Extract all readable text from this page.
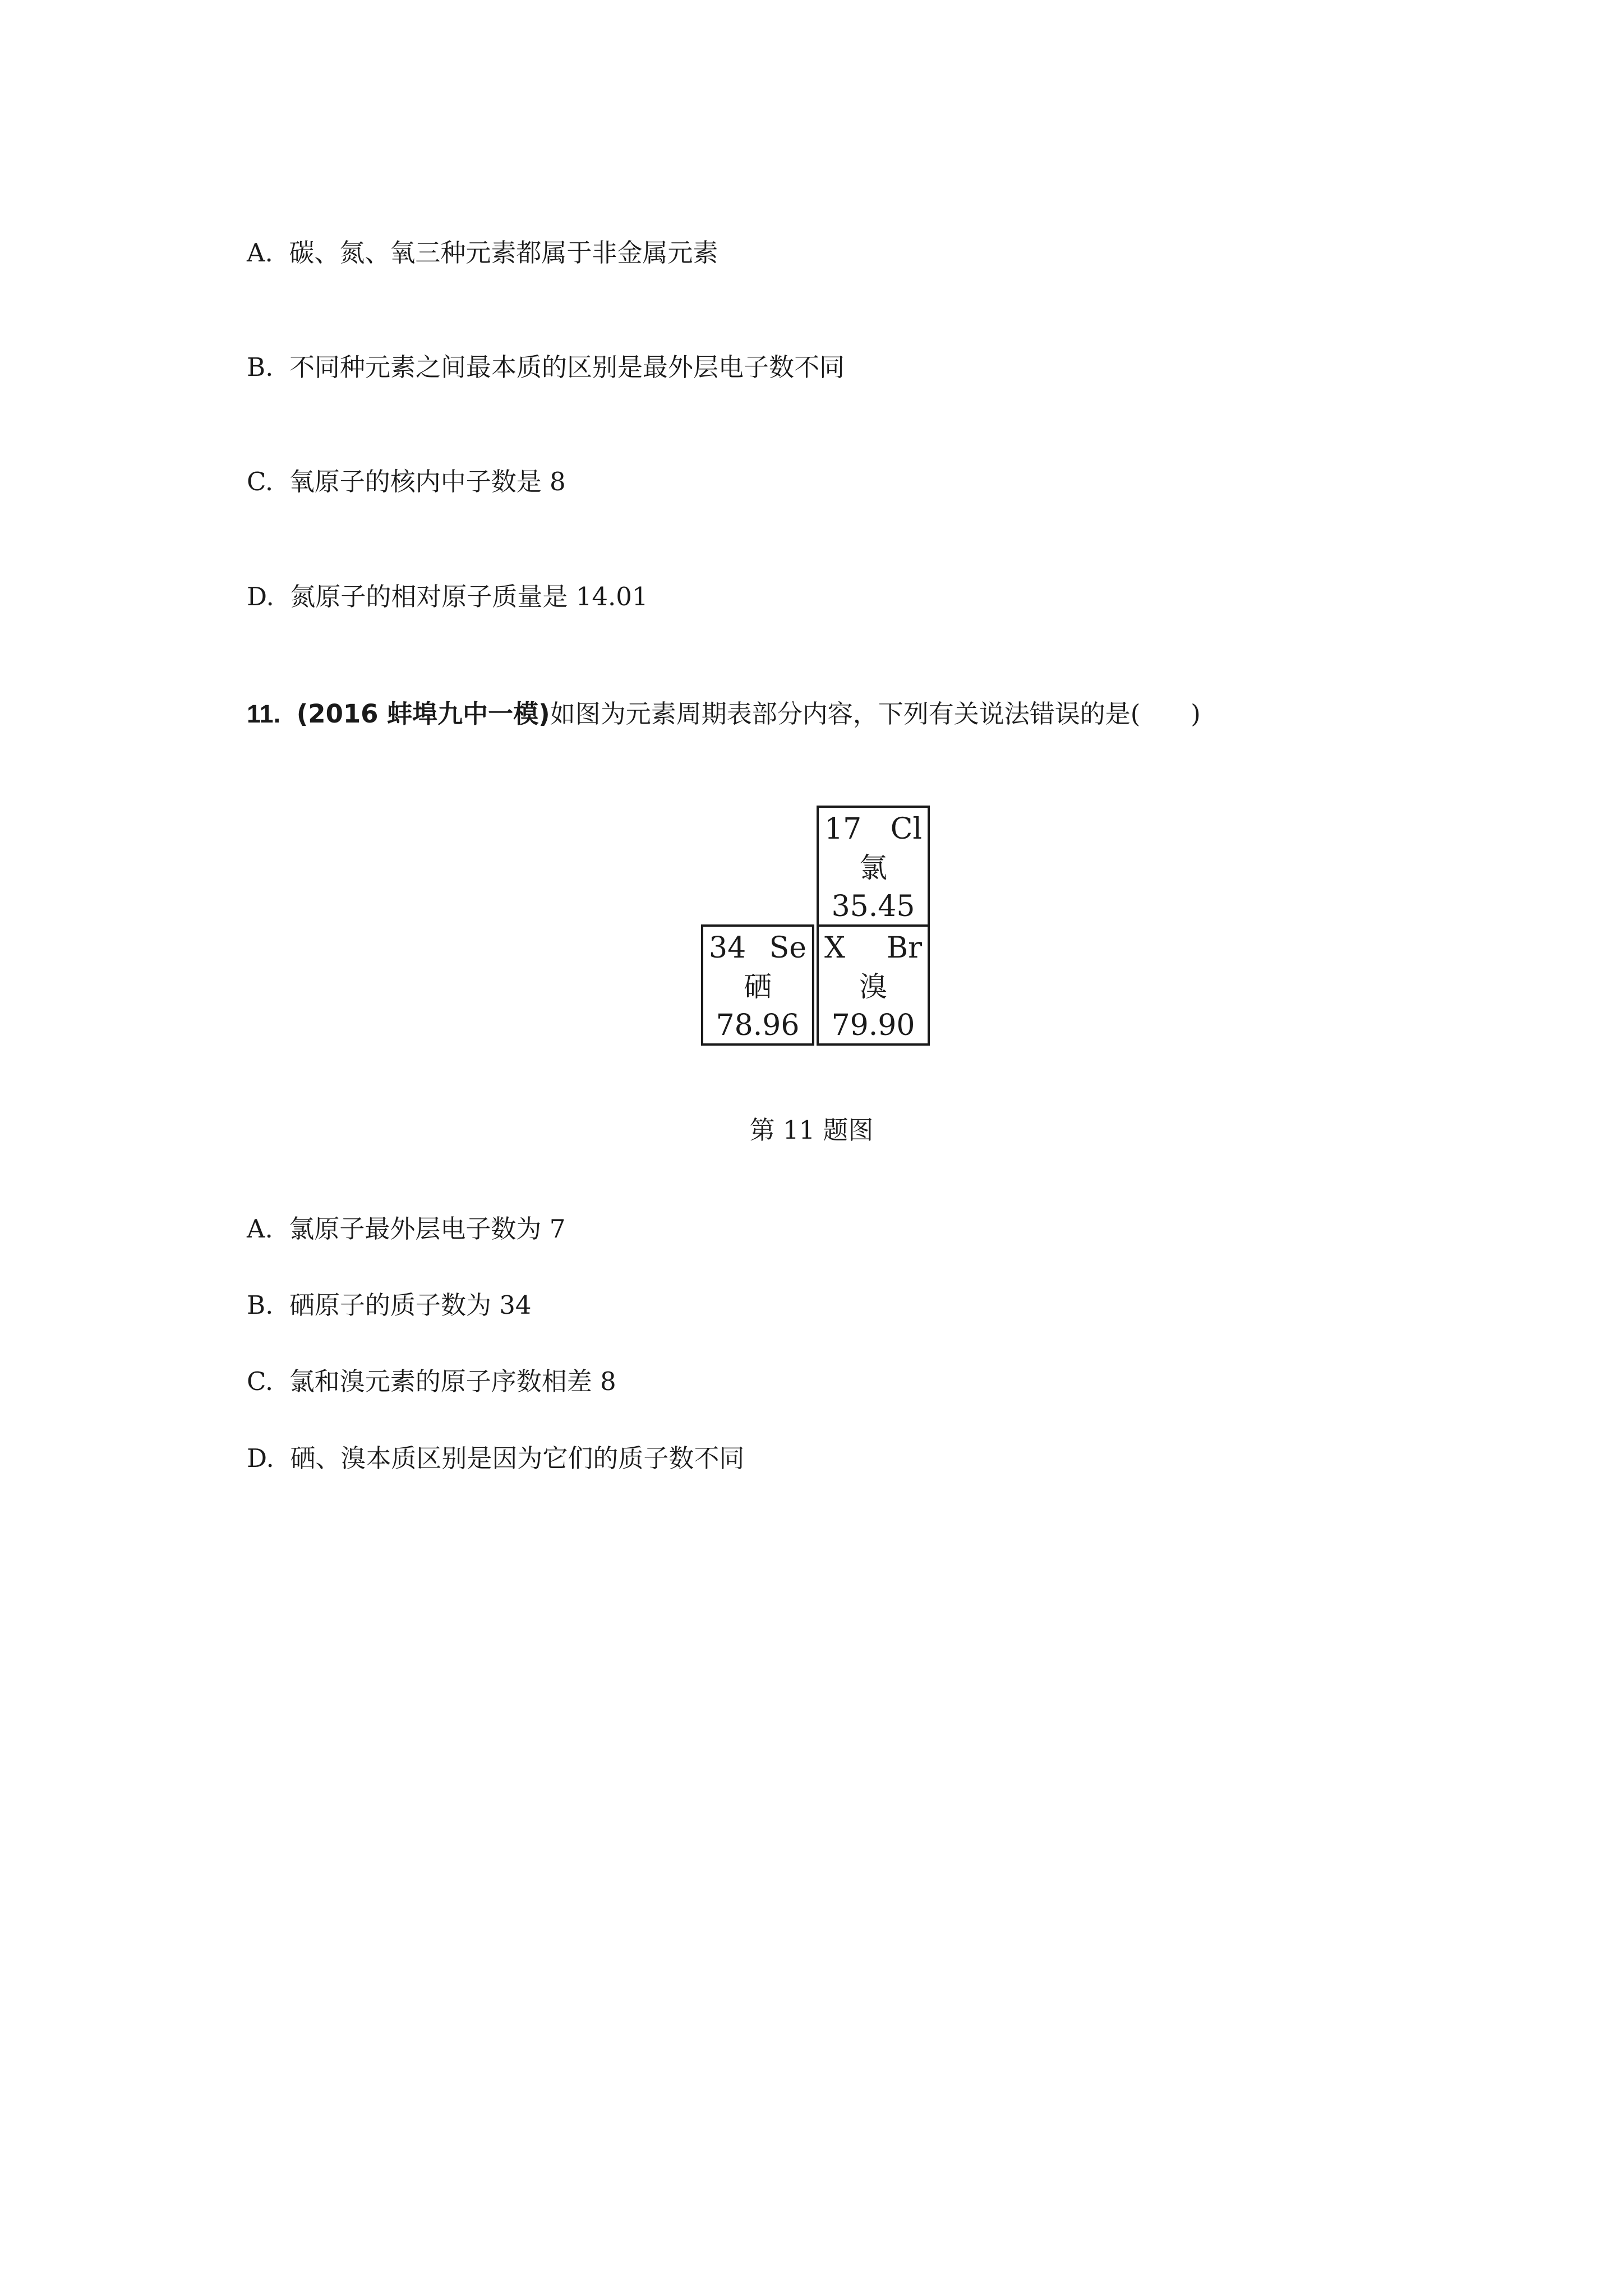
A. 碳、氮、氧三种元素都属于非金属元素
B. 不同种元素之间最本质的区别是最外层电子数不同
C. 氧原子的核内中子数是 8
D. 氮原子的相对原子质量是 14.01
11. (2016 蚌埠九中一模)如图为元素周期表部分内容，下列有关说法错误的是(　　)
17 Cl
氯
35.45
34 Se
硒
78.96
X Br
溴
79.90
第 11 题图
A. 氯原子最外层电子数为 7
B. 硒原子的质子数为 34
C. 氯和溴元素的原子序数相差 8
D. 硒、溴本质区别是因为它们的质子数不同
